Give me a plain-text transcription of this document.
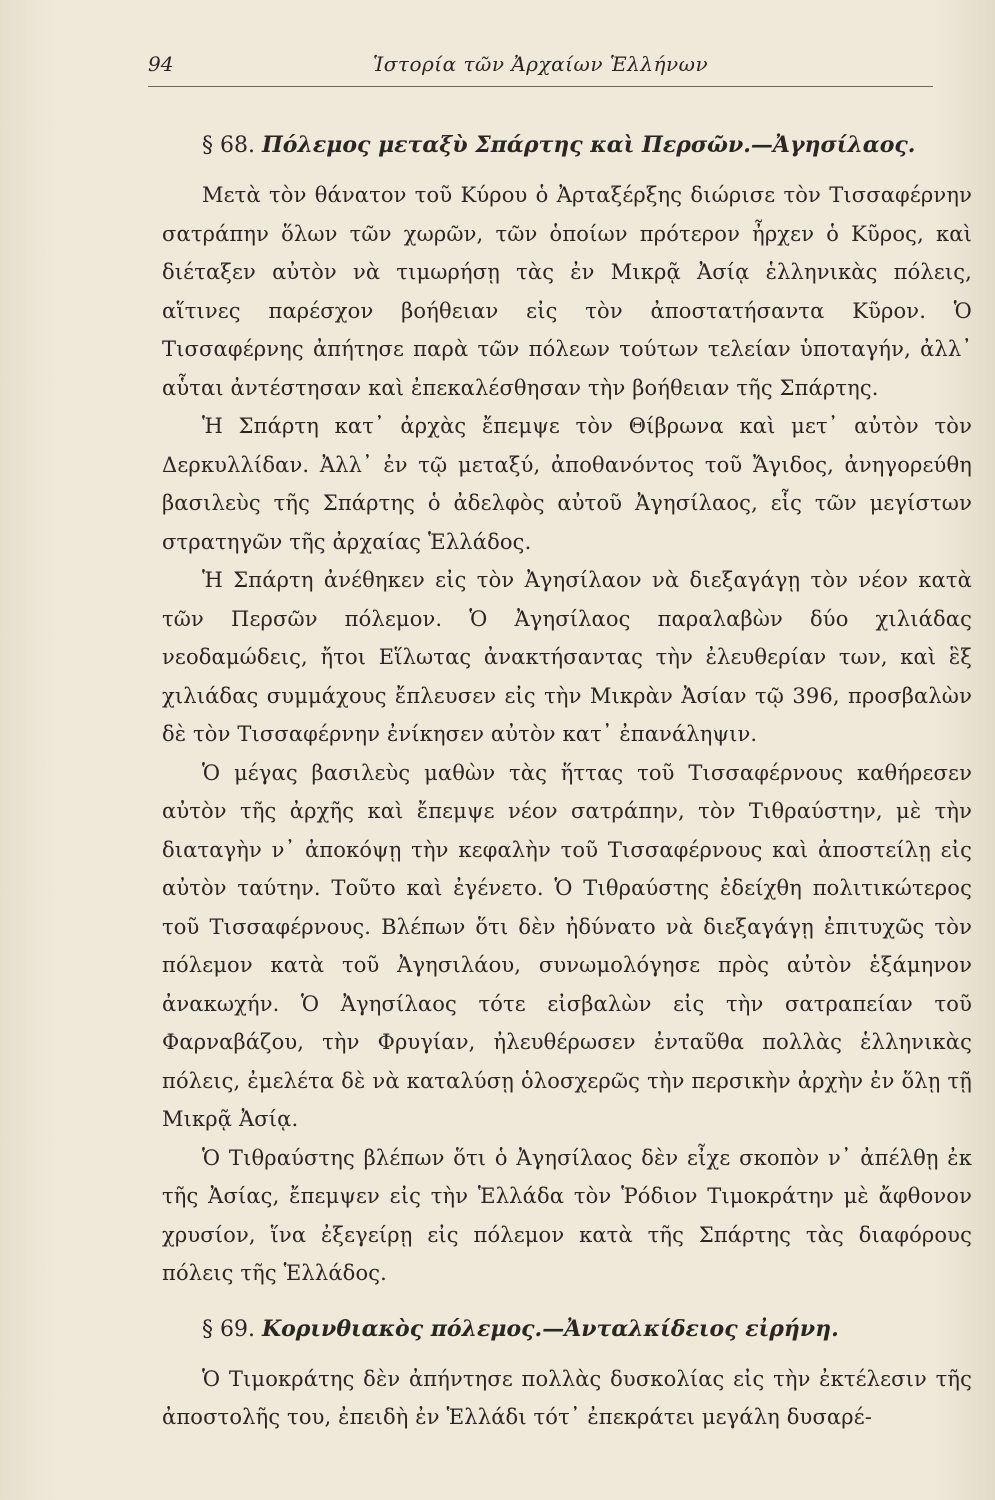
94	Ἱστορία τῶν Ἀρχαίων Ἑλλήνων
§ 68. Πόλεμος μεταξὺ Σπάρτης καὶ Περσῶν.—Ἀγησίλαος.

Μετὰ τὸν θάνατον τοῦ Κύρου ὁ Ἀρταξέρξης διώρισε τὸν Τισσαφέρνην σατράπην ὅλων τῶν χωρῶν, τῶν ὁποίων πρότερον ἦρχεν ὁ Κῦρος, καὶ διέταξεν αὐτὸν νὰ τιμωρήσῃ τὰς ἐν Μικρᾷ Ἀσίᾳ ἑλληνικὰς πόλεις, αἵτινες παρέσχον βοήθειαν εἰς τὸν ἀποστατήσαντα Κῦρον. Ὁ Τισσαφέρνης ἀπήτησε παρὰ τῶν πόλεων τούτων τελείαν ὑποταγήν, ἀλλ᾿ αὗται ἀντέστησαν καὶ ἐπεκαλέσθησαν τὴν βοήθειαν τῆς Σπάρτης.

Ἡ Σπάρτη κατ᾿ ἀρχὰς ἔπεμψε τὸν Θίβρωνα καὶ μετ᾿ αὐτὸν τὸν Δερκυλλίδαν. Ἀλλ᾿ ἐν τῷ μεταξύ, ἀποθανόντος τοῦ Ἄγιδος, ἀνηγορεύθη βασιλεὺς τῆς Σπάρτης ὁ ἀδελφὸς αὐτοῦ Ἀγησίλαος, εἷς τῶν μεγίστων στρατηγῶν τῆς ἀρχαίας Ἑλλάδος.

Ἡ Σπάρτη ἀνέθηκεν εἰς τὸν Ἀγησίλαον νὰ διεξαγάγῃ τὸν νέον κατὰ τῶν Περσῶν πόλεμον. Ὁ Ἀγησίλαος παραλαβὼν δύο χιλιάδας νεοδαμώδεις, ἤτοι Εἵλωτας ἀνακτήσαντας τὴν ἐλευθερίαν των, καὶ ἓξ χιλιάδας συμμάχους ἔπλευσεν εἰς τὴν Μικρὰν Ἀσίαν τῷ 396, προσβαλὼν δὲ τὸν Τισσαφέρνην ἐνίκησεν αὐτὸν κατ᾿ ἐπανάληψιν.

Ὁ μέγας βασιλεὺς μαθὼν τὰς ἥττας τοῦ Τισσαφέρνους καθήρεσεν αὐτὸν τῆς ἀρχῆς καὶ ἔπεμψε νέον σατράπην, τὸν Τιθραύστην, μὲ τὴν διαταγὴν ν᾿ ἀποκόψῃ τὴν κεφαλὴν τοῦ Τισσαφέρνους καὶ ἀποστείλῃ εἰς αὐτὸν ταύτην. Τοῦτο καὶ ἐγένετο. Ὁ Τιθραύστης ἐδείχθη πολιτικώτερος τοῦ Τισσαφέρνους. Βλέπων ὅτι δὲν ἠδύνατο νὰ διεξαγάγῃ ἐπιτυχῶς τὸν πόλεμον κατὰ τοῦ Ἀγησιλάου, συνωμολόγησε πρὸς αὐτὸν ἑξάμηνον ἀνακωχήν. Ὁ Ἀγησίλαος τότε εἰσβαλὼν εἰς τὴν σατραπείαν τοῦ Φαρναβάζου, τὴν Φρυγίαν, ἠλευθέρωσεν ἐνταῦθα πολλὰς ἑλληνικὰς πόλεις, ἐμελέτα δὲ νὰ καταλύσῃ ὁλοσχερῶς τὴν περσικὴν ἀρχὴν ἐν ὅλῃ τῇ Μικρᾷ Ἀσίᾳ.

Ὁ Τιθραύστης βλέπων ὅτι ὁ Ἀγησίλαος δὲν εἶχε σκοπὸν ν᾿ ἀπέλθῃ ἐκ τῆς Ἀσίας, ἔπεμψεν εἰς τὴν Ἑλλάδα τὸν Ῥόδιον Τιμοκράτην μὲ ἄφθονον χρυσίον, ἵνα ἐξεγείρῃ εἰς πόλεμον κατὰ τῆς Σπάρτης τὰς διαφόρους πόλεις τῆς Ἑλλάδος.

§ 69. Κορινθιακὸς πόλεμος.—Ἀνταλκίδειος εἰρήνη.

Ὁ Τιμοκράτης δὲν ἀπήντησε πολλὰς δυσκολίας εἰς τὴν ἐκτέλεσιν τῆς ἀποστολῆς του, ἐπειδὴ ἐν Ἑλλάδι τότ᾿ ἐπεκράτει μεγάλη δυσαρέ-
